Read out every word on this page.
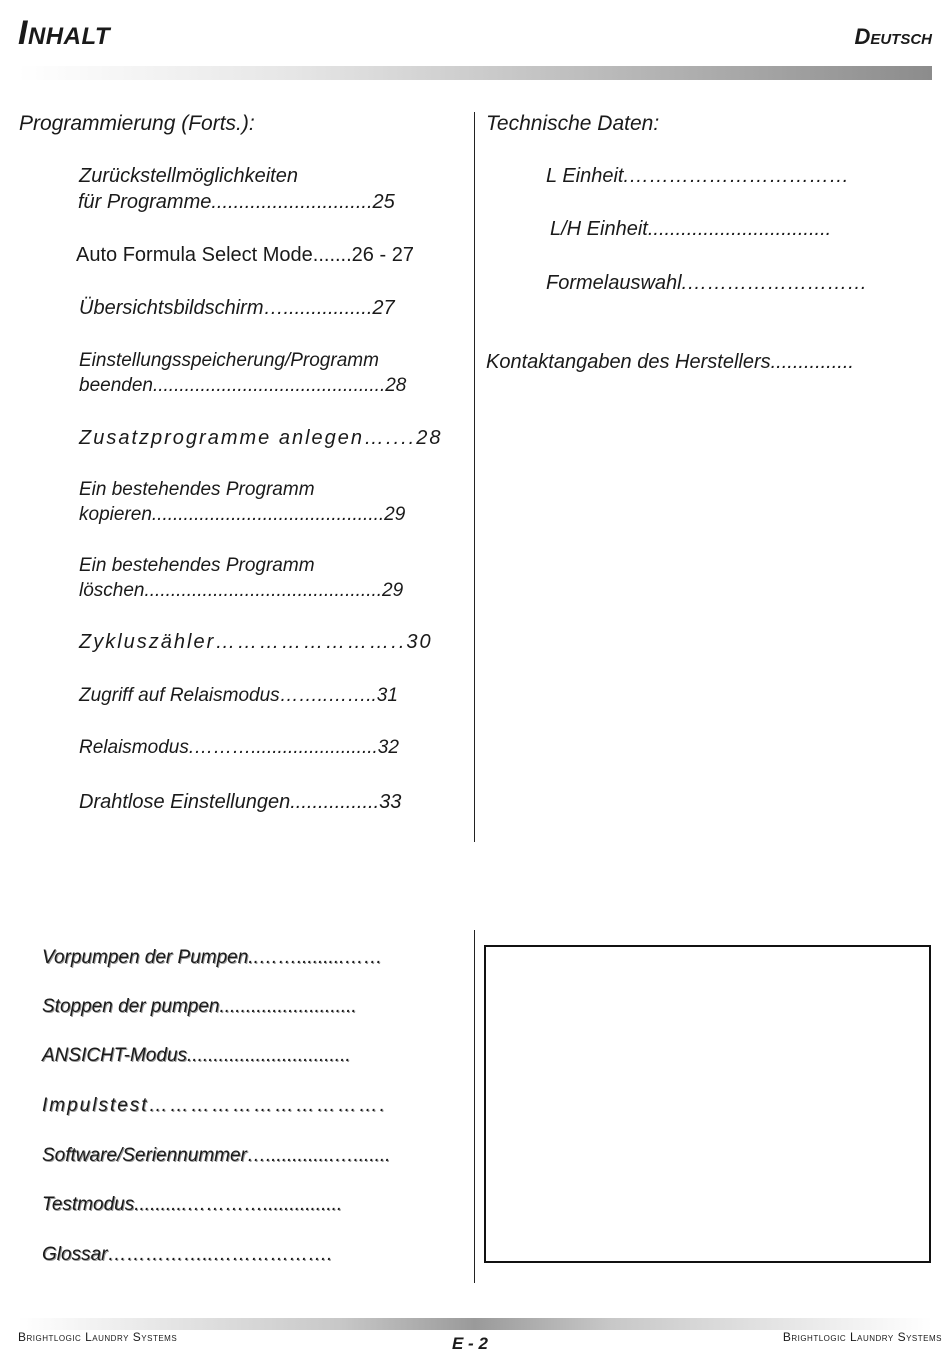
Inhalt	Deutsch
Programmierung (Forts.):
Zurückstellmöglichkeiten
für Programme.............................25
Auto Formula Select Mode.......26 - 27
Übersichtsbildschirm…................27
Einstellungsspeicherung/Programm
beenden............................................28
Zusatzprogramme anlegen…....28
Ein bestehendes Programm
kopieren............................................29
Ein bestehendes Programm
löschen.............................................29
Zykluszähler……………………..30
Zugriff auf Relaismodus……..……..31
Relaismodus.………........................32
Drahtlose Einstellungen................33
Vorpumpen der Pumpen..…….........……
Stoppen der pumpen..........................
ANSICHT-Modus...............................
Impulstest…………………………….
Software/Seriennummer….............….......
Testmodus..........…………...............
Glossar……………..……………….
Technische Daten:
L Einheit.……………………………
L/H Einheit.................................
Formelauswahl.………………………
Kontaktangaben des Herstellers...............
Brightlogic Laundry Systems	E - 2	Brightlogic Laundry Systems
